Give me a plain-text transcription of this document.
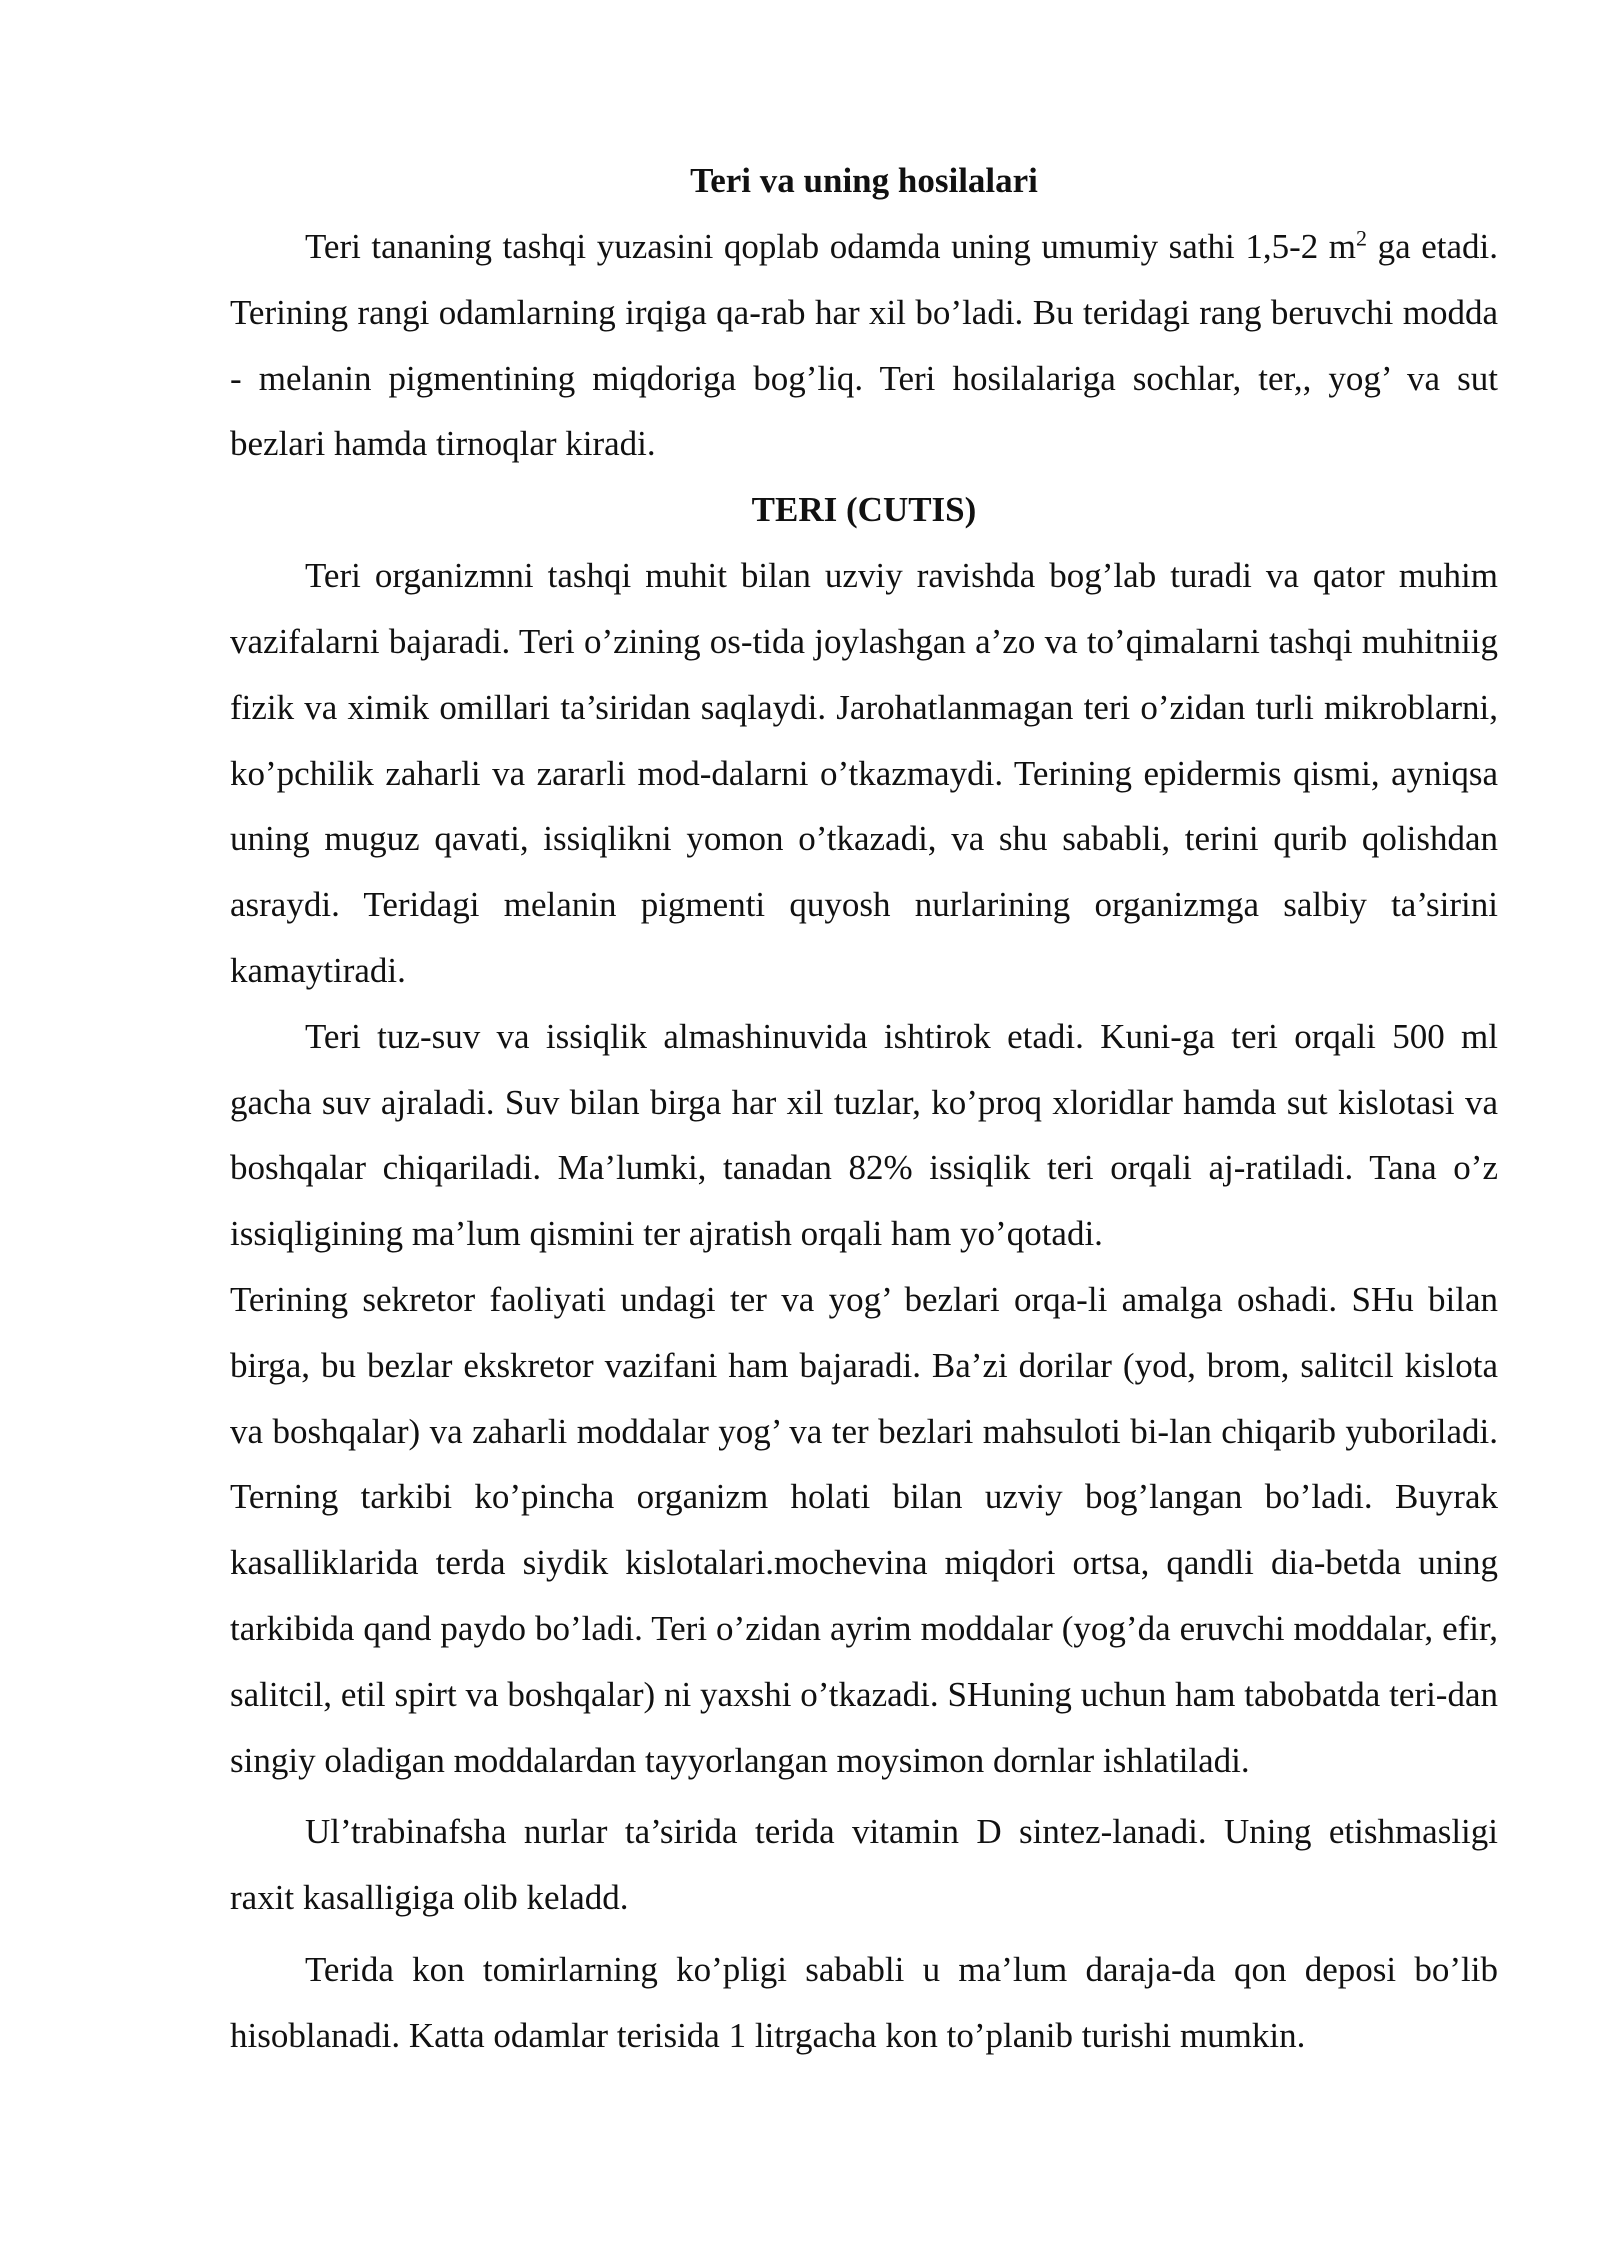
Teri va uning hosilalari

Teri tananing tashqi yuzasini qoplab odamda uning umumiy sathi 1,5-2 $m^2$ ga etadi. Terining rangi odamlarning irqiga qa-rab har xil bo’ladi. Bu teridagi rang beruvchi modda - melanin pigmentining miqdoriga bog’liq. Teri hosilalariga sochlar, ter,, yog’ va sut bezlari hamda tirnoqlar kiradi.

TERI (CUTIS)

Teri organizmni tashqi muhit bilan uzviy ravishda bog’lab turadi va qator muhim vazifalarni bajaradi. Teri o’zining os-tida joylashgan a’zo va to’qimalarni tashqi muhitniig fizik va ximik omillari ta’siridan saqlaydi. Jarohatlanmagan teri o’zidan turli mikroblarni, ko’pchilik zaharli va zararli mod-dalarni o’tkazmaydi. Terining epidermis qismi, ayniqsa uning muguz qavati, issiqlikni yomon o’tkazadi, va shu sababli, terini qurib qolishdan asraydi. Teridagi melanin pigmenti quyosh nurlarining organizmga salbiy ta’sirini kamaytiradi.

Teri tuz-suv va issiqlik almashinuvida ishtirok etadi. Kuni-ga teri orqali 500 ml gacha suv ajraladi. Suv bilan birga har xil tuzlar, ko’proq xloridlar hamda sut kislotasi va boshqalar chiqariladi. Ma’lumki, tanadan 82% issiqlik teri orqali aj-ratiladi. Tana o’z issiqligining ma’lum qismini ter ajratish orqali ham yo’qotadi.

Terining sekretor faoliyati undagi ter va yog’ bezlari orqa-li amalga oshadi. SHu bilan birga, bu bezlar ekskretor vazifani ham bajaradi. Ba’zi dorilar (yod, brom, salitcil kislota va boshqalar) va zaharli moddalar yog’ va ter bezlari mahsuloti bi-lan chiqarib yuboriladi. Terning tarkibi ko’pincha organizm holati bilan uzviy bog’langan bo’ladi. Buyrak kasalliklarida terda siydik kislotalari.mochevina miqdori ortsa, qandli dia-betda uning tarkibida qand paydo bo’ladi. Teri o’zidan ayrim moddalar (yog’da eruvchi moddalar, efir, salitcil, etil spirt va boshqalar) ni yaxshi o’tkazadi. SHuning uchun ham tabobatda teri-dan singiy oladigan moddalardan tayyorlangan moysimon dornlar ishlatiladi.

Ul’trabinafsha nurlar ta’sirida terida vitamin D sintez-lanadi. Uning etishmasligi raxit kasalligiga olib keladd.

Terida kon tomirlarning ko’pligi sababli u ma’lum daraja-da qon deposi bo’lib hisoblanadi. Katta odamlar terisida 1 litrgacha kon to’planib turishi mumkin.
